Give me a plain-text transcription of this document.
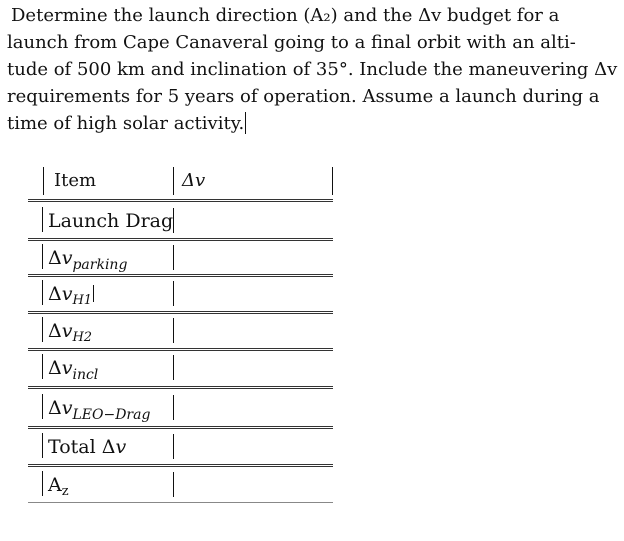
Determine the launch direction (A₂) and the Δv budget for a
launch from Cape Canaveral going to a final orbit with an alti-
tude of 500 km and inclination of 35°. Include the maneuvering Δv
requirements for 5 years of operation. Assume a launch during a
time of high solar activity.
Item	Δv
Launch Drag
$\Delta v_{parking}$
$\Delta v_{H1}$
$\Delta v_{H2}$
$\Delta v_{incl}$
$\Delta v_{LEO-Drag}$
Total Δv
$A_z$
